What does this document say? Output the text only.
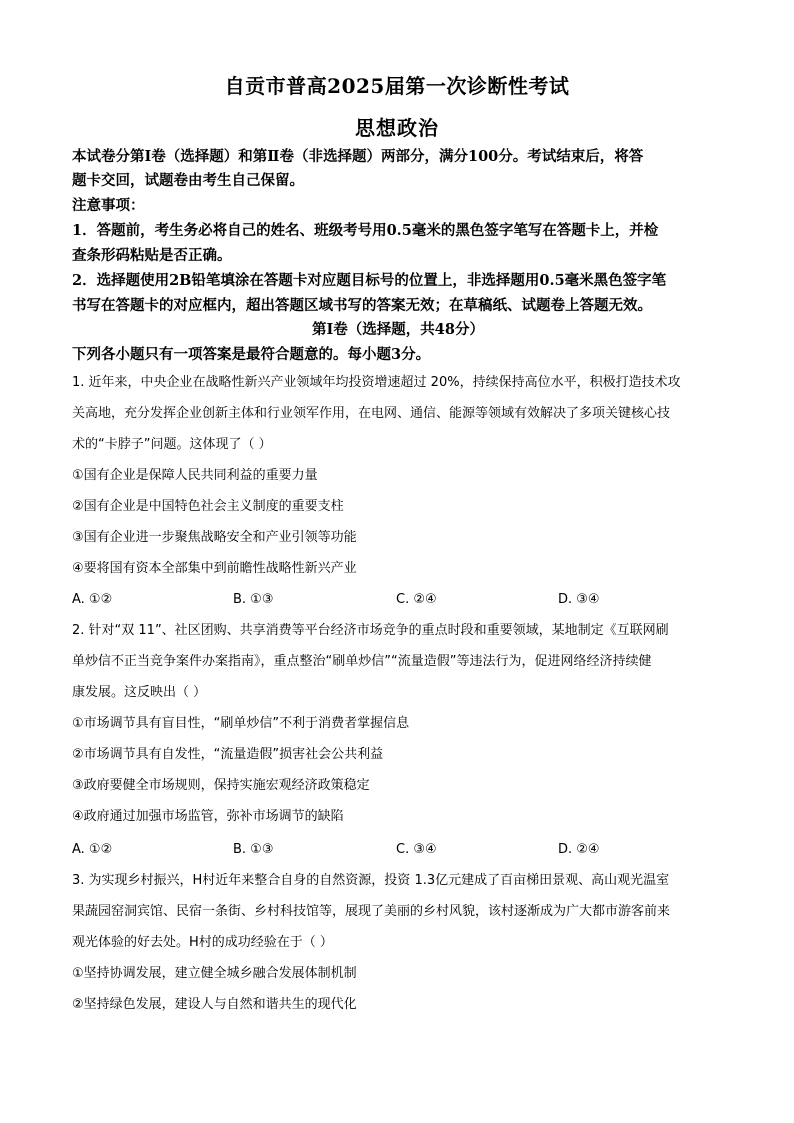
自贡市普高2025届第一次诊断性考试
思想政治
本试卷分第Ⅰ卷（选择题）和第Ⅱ卷（非选择题）两部分，满分100分。考试结束后，将答
题卡交回，试题卷由考生自己保留。
注意事项：
1．答题前，考生务必将自己的姓名、班级考号用0.5毫米的黑色签字笔写在答题卡上，并检
查条形码粘贴是否正确。
2．选择题使用2B铅笔填涂在答题卡对应题目标号的位置上，非选择题用0.5毫米黑色签字笔
书写在答题卡的对应框内，超出答题区域书写的答案无效；在草稿纸、试题卷上答题无效。
第Ⅰ卷（选择题，共48分）
下列各小题只有一项答案是最符合题意的。每小题3分。
1. 近年来，中央企业在战略性新兴产业领域年均投资增速超过 20%，持续保持高位水平，积极打造技术攻
关高地，充分发挥企业创新主体和行业领军作用，在电网、通信、能源等领域有效解决了多项关键核心技
术的“卡脖子”问题。这体现了（ ）
①国有企业是保障人民共同利益的重要力量
②国有企业是中国特色社会主义制度的重要支柱
③国有企业进一步聚焦战略安全和产业引领等功能
④要将国有资本全部集中到前瞻性战略性新兴产业
A. ①②	B. ①③	C. ②④	D. ③④
2. 针对“双 11”、社区团购、共享消费等平台经济市场竞争的重点时段和重要领域，某地制定《互联网刷
单炒信不正当竞争案件办案指南》，重点整治“刷单炒信”“流量造假”等违法行为，促进网络经济持续健
康发展。这反映出（ ）
①市场调节具有盲目性，“刷单炒信”不利于消费者掌握信息
②市场调节具有自发性，“流量造假”损害社会公共利益
③政府要健全市场规则，保持实施宏观经济政策稳定
④政府通过加强市场监管，弥补市场调节的缺陷
A. ①②	B. ①③	C. ③④	D. ②④
3. 为实现乡村振兴，H村近年来整合自身的自然资源，投资 1.3亿元建成了百亩梯田景观、高山观光温室
果蔬园窑洞宾馆、民宿一条街、乡村科技馆等，展现了美丽的乡村风貌，该村逐渐成为广大都市游客前来
观光体验的好去处。H村的成功经验在于（ ）
①坚持协调发展，建立健全城乡融合发展体制机制
②坚持绿色发展，建设人与自然和谐共生的现代化
